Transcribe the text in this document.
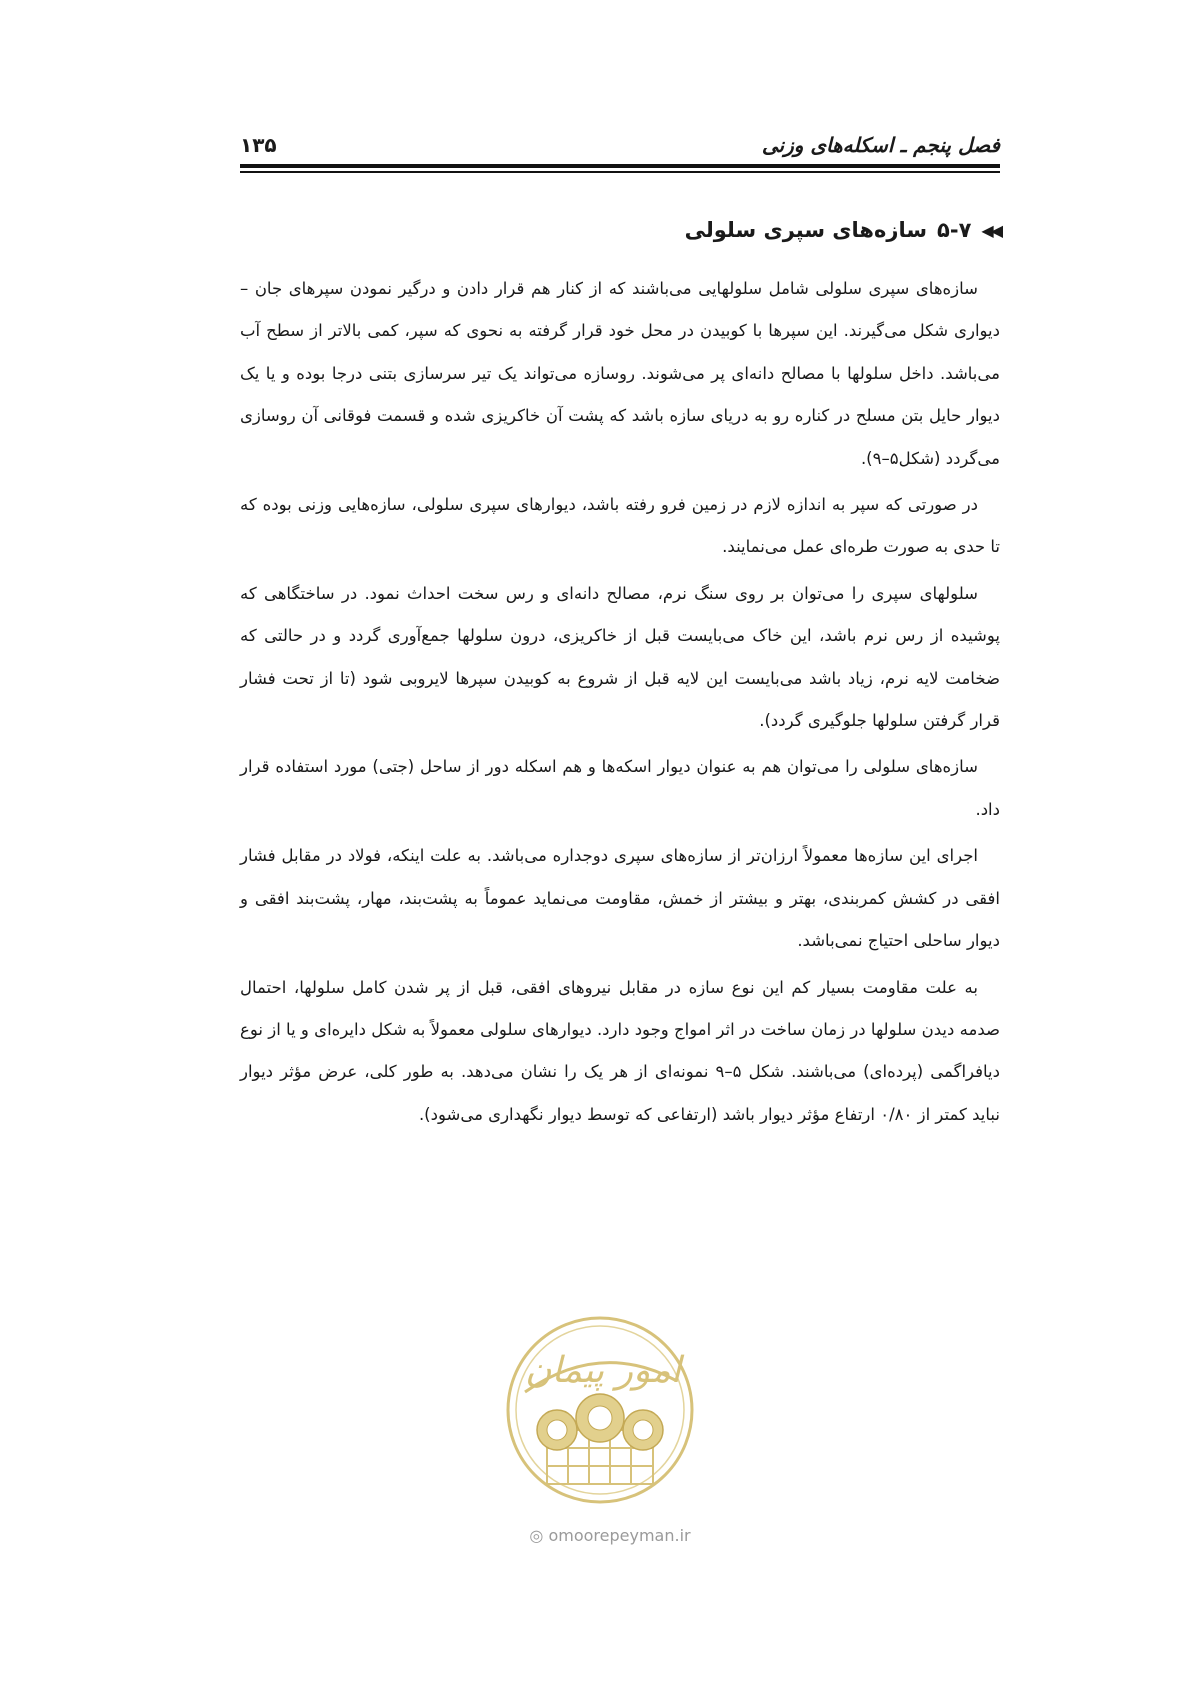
۱۳۵	فصل پنجم ـ اسکله‌های وزنی
◀◀
۵-۷
سازه‌های سپری سلولی

سازه‌های سپری سلولی شامل سلولهایی می‌باشند که از کنار هم قرار دادن و درگیر نمودن سپرهای جان – دیواری شکل می‌گیرند. این سپرها با کوبیدن در محل خود قرار گرفته به نحوی که سپر، کمی بالاتر از سطح آب می‌باشد. داخل سلولها با مصالح دانه‌ای پر می‌شوند. روسازه می‌تواند یک تیر سرسازی بتنی درجا بوده و یا یک دیوار حایل بتن مسلح در کناره رو به دریای سازه باشد که پشت آن خاکریزی شده و قسمت فوقانی آن روسازی می‌گردد (شکل۵–۹).

در صورتی که سپر به اندازه لازم در زمین فرو رفته باشد، دیوارهای سپری سلولی، سازه‌هایی وزنی بوده که تا حدی به صورت طره‌ای عمل می‌نمایند.

سلولهای سپری را می‌توان بر روی سنگ نرم، مصالح دانه‌ای و رس سخت احداث نمود. در ساختگاهی که پوشیده از رس نرم باشد، این خاک می‌بایست قبل از خاکریزی، درون سلولها جمع‌آوری گردد و در حالتی که ضخامت لایه نرم، زیاد باشد می‌بایست این لایه قبل از شروع به کوبیدن سپرها لایروبی شود (تا از تحت فشار قرار گرفتن سلولها جلوگیری گردد).

سازه‌های سلولی را می‌توان هم به عنوان دیوار اسکه‌ها و هم اسکله دور از ساحل (جتی) مورد استفاده قرار داد.

اجرای این سازه‌ها معمولاً ارزان‌تر از سازه‌های سپری دوجداره می‌باشد. به علت اینکه، فولاد در مقابل فشار افقی در کشش کمربندی، بهتر و بیشتر از خمش، مقاومت می‌نماید عموماً به پشت‌بند، مهار، پشت‌بند افقی و دیوار ساحلی احتیاج نمی‌باشد.

به علت مقاومت بسیار کم این نوع سازه در مقابل نیروهای افقی، قبل از پر شدن کامل سلولها، احتمال صدمه دیدن سلولها در زمان ساخت در اثر امواج وجود دارد. دیوارهای سلولی معمولاً به شکل دایره‌ای و یا از نوع دیافراگمی (پرده‌ای) می‌باشند. شکل ۵–۹ نمونه‌ای از هر یک را نشان می‌دهد. به طور کلی، عرض مؤثر دیوار نباید کمتر از ۰/۸۰ ارتفاع مؤثر دیوار باشد (ارتفاعی که توسط دیوار نگهداری می‌شود).

امور پیمان
◎ omoorepeyman.ir
